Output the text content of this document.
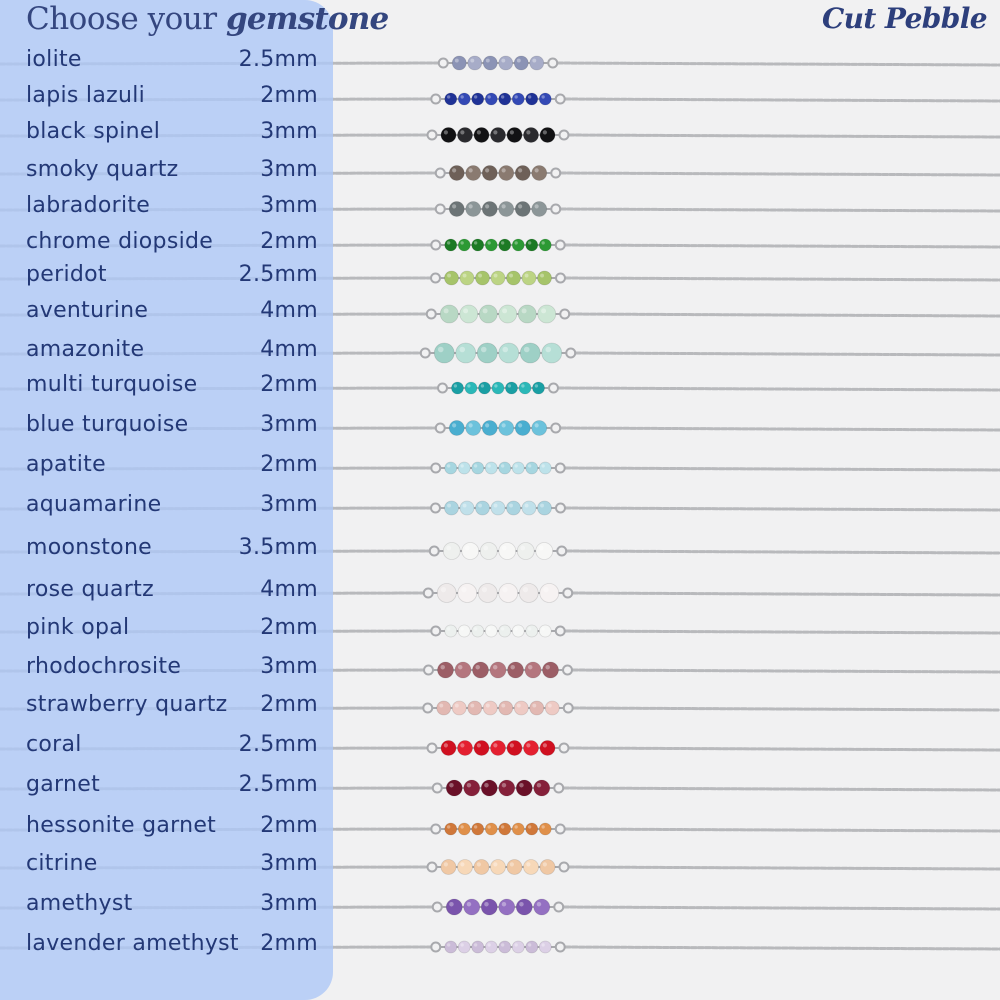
Choose your gemstone
iolite	2.5mm
lapis lazuli	2mm
black spinel	3mm
smoky quartz	3mm
labradorite	3mm
chrome diopside 2mm
peridot	2.5mm
aventurine	4mm
amazonite	4mm
multi turquoise	2mm
blue turquoise	3mm
apatite	2mm
aquamarine	3mm
moonstone	3.5mm
rose quartz	4mm
pink opal	2mm
rhodochrosite	3mm
strawberry quartz 2mm
coral	2.5mm
garnet	2.5mm
hessonite garnet 2mm
citrine	3mm
amethyst	3mm
lavender amethyst 2mm
Cut Pebble
